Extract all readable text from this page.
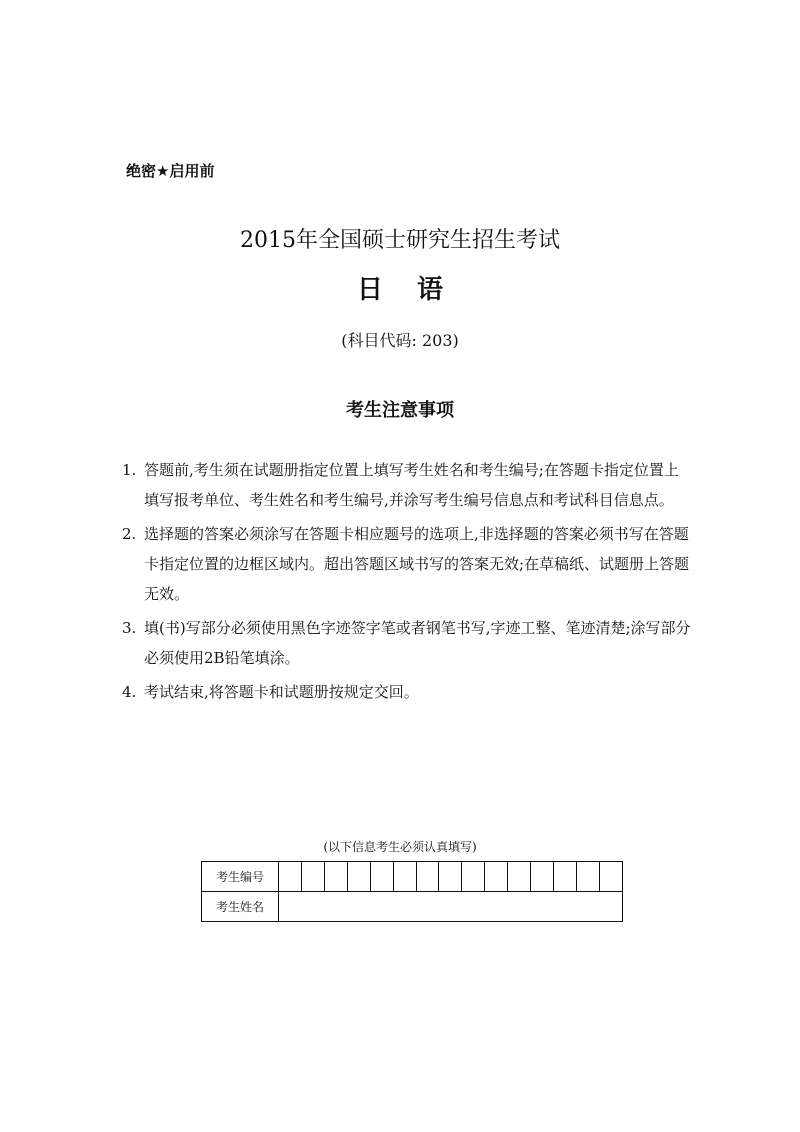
绝密★启用前
2015年全国硕士研究生招生考试
日 语
(科目代码: 203)
考生注意事项
1. 答题前,考生须在试题册指定位置上填写考生姓名和考生编号;在答题卡指定位置上填写报考单位、考生姓名和考生编号,并涂写考生编号信息点和考试科目信息点。
2. 选择题的答案必须涂写在答题卡相应题号的选项上,非选择题的答案必须书写在答题卡指定位置的边框区域内。超出答题区域书写的答案无效;在草稿纸、试题册上答题无效。
3. 填(书)写部分必须使用黑色字迹签字笔或者钢笔书写,字迹工整、笔迹清楚;涂写部分必须使用2B铅笔填涂。
4. 考试结束,将答题卡和试题册按规定交回。
(以下信息考生必须认真填写)
考生编号															
考生姓名															
